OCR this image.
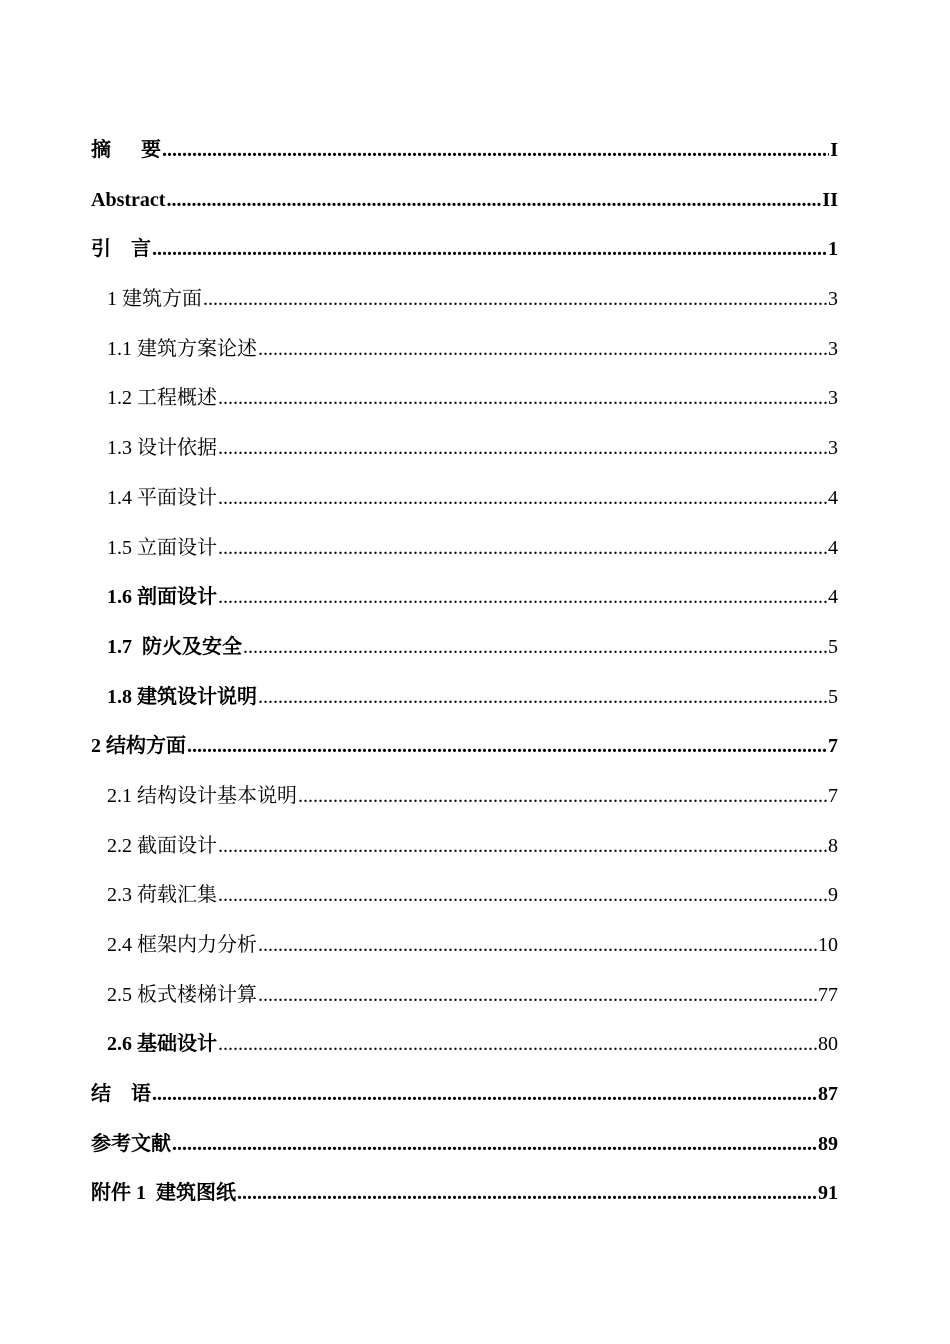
摘      要 .....	I
Abstract .....	II
引    言 .....	1
1 建筑方面 .....	3
1.1 建筑方案论述 .....	3
1.2 工程概述 .....	3
1.3 设计依据 .....	3
1.4 平面设计 .....	4
1.5 立面设计 .....	4
1.6 剖面设计 .....	4
1.7  防火及安全 .....	5
1.8 建筑设计说明 .....	5
2 结构方面 .....	7
2.1 结构设计基本说明 .....	7
2.2 截面设计 .....	8
2.3 荷载汇集 .....	9
2.4 框架内力分析 .....	10
2.5 板式楼梯计算 .....	77
2.6 基础设计 .....	80
结    语 .....	87
参考文献 .....	89
附件 1  建筑图纸 .....	91
